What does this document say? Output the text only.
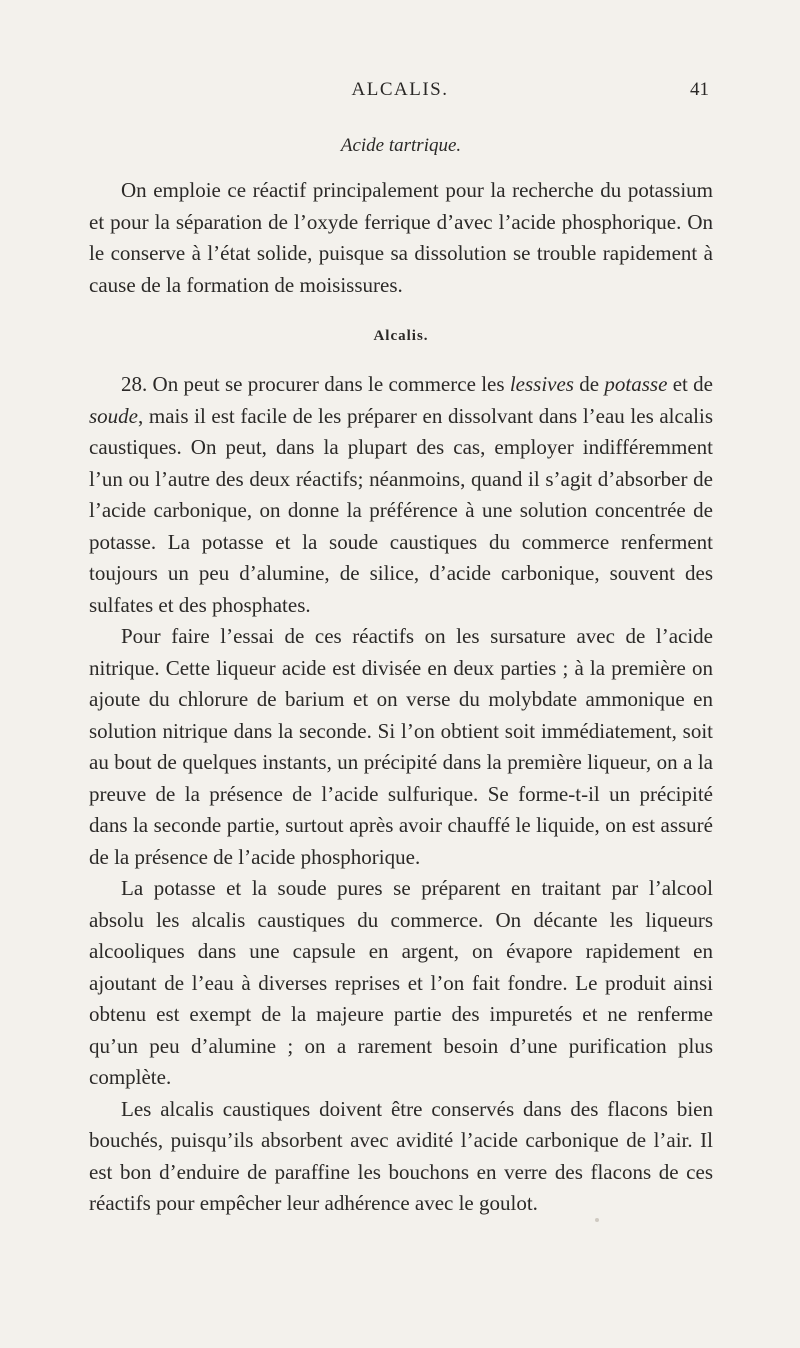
ALCALIS.	41
Acide tartrique.

On emploie ce réactif principalement pour la recherche du potassium et pour la séparation de l’oxyde ferrique d’avec l’acide phosphorique. On le conserve à l’état solide, puisque sa dissolution se trouble rapidement à cause de la formation de moisissures.

Alcalis.

28. On peut se procurer dans le commerce les lessives de potasse et de soude, mais il est facile de les préparer en dissolvant dans l’eau les alcalis caustiques. On peut, dans la plupart des cas, employer indifféremment l’un ou l’autre des deux réactifs; néanmoins, quand il s’agit d’absorber de l’acide carbonique, on donne la préférence à une solution concentrée de potasse. La potasse et la soude caustiques du commerce renferment toujours un peu d’alumine, de silice, d’acide carbonique, souvent des sulfates et des phosphates.

Pour faire l’essai de ces réactifs on les sursature avec de l’acide nitrique. Cette liqueur acide est divisée en deux parties ; à la première on ajoute du chlorure de barium et on verse du molybdate ammonique en solution nitrique dans la seconde. Si l’on obtient soit immédiatement, soit au bout de quelques instants, un précipité dans la première liqueur, on a la preuve de la présence de l’acide sulfurique. Se forme-t-il un précipité dans la seconde partie, surtout après avoir chauffé le liquide, on est assuré de la présence de l’acide phosphorique.

La potasse et la soude pures se préparent en traitant par l’alcool absolu les alcalis caustiques du commerce. On décante les liqueurs alcooliques dans une capsule en argent, on évapore rapidement en ajoutant de l’eau à diverses reprises et l’on fait fondre. Le produit ainsi obtenu est exempt de la majeure partie des impuretés et ne renferme qu’un peu d’alumine ; on a rarement besoin d’une purification plus complète.

Les alcalis caustiques doivent être conservés dans des flacons bien bouchés, puisqu’ils absorbent avec avidité l’acide carbonique de l’air. Il est bon d’enduire de paraffine les bouchons en verre des flacons de ces réactifs pour empêcher leur adhérence avec le goulot.
